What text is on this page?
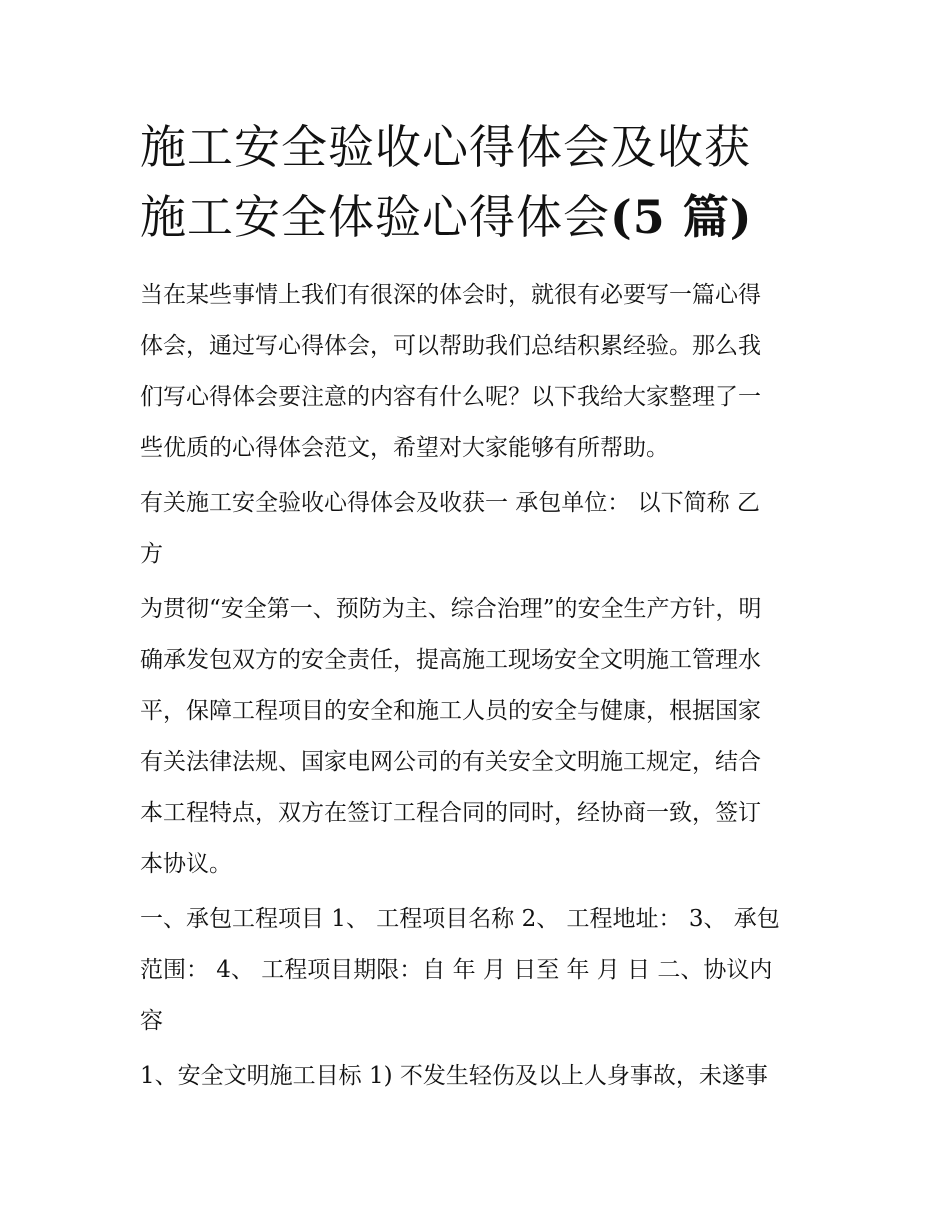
施工安全验收心得体会及收获
施工安全体验心得体会(5 篇)
当在某些事情上我们有很深的体会时，就很有必要写一篇心得
体会，通过写心得体会，可以帮助我们总结积累经验。那么我
们写心得体会要注意的内容有什么呢？以下我给大家整理了一
些优质的心得体会范文，希望对大家能够有所帮助。
有关施工安全验收心得体会及收获一 承包单位： 以下简称 乙
方
为贯彻“安全第一、预防为主、综合治理”的安全生产方针，明
确承发包双方的安全责任，提高施工现场安全文明施工管理水
平，保障工程项目的安全和施工人员的安全与健康，根据国家
有关法律法规、国家电网公司的有关安全文明施工规定，结合
本工程特点，双方在签订工程合同的同时，经协商一致，签订
本协议。
一、承包工程项目 1、 工程项目名称 2、 工程地址： 3、 承包
范围： 4、 工程项目期限：自 年 月 日至 年 月 日 二、协议内
容
1、安全文明施工目标 1) 不发生轻伤及以上人身事故，未遂事
